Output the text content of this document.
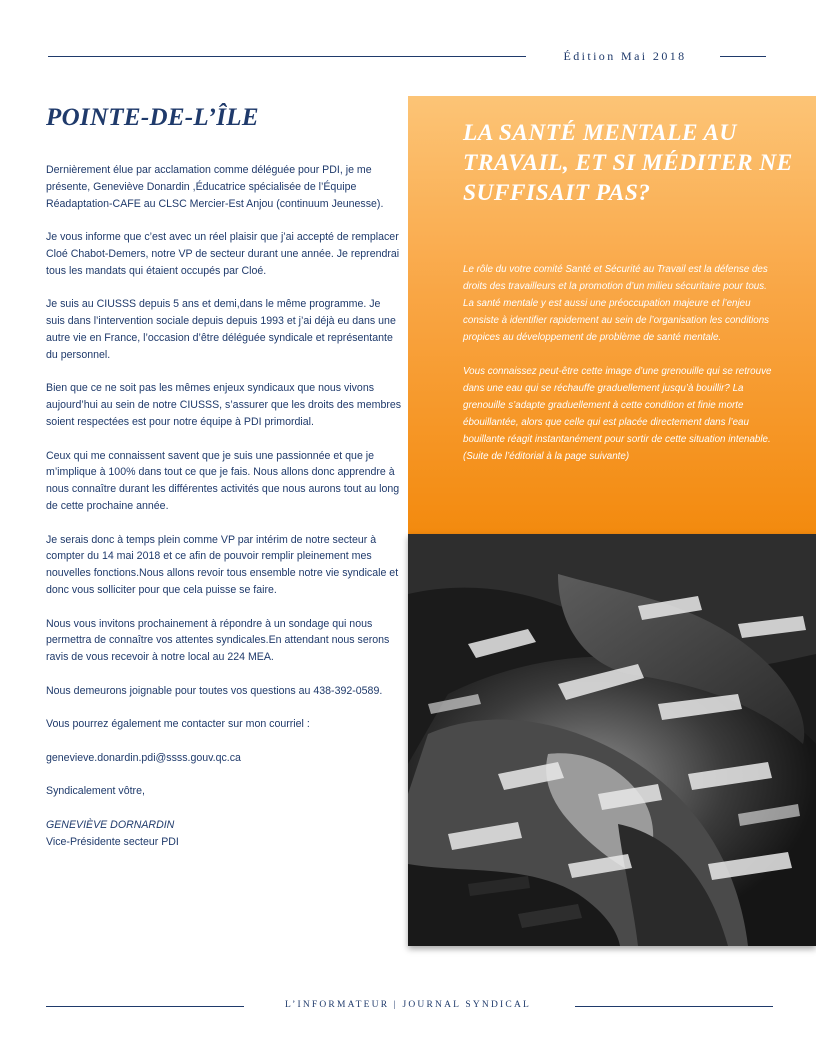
Édition Mai 2018
POINTE-DE-L’ÎLE

Dernièrement élue par acclamation comme déléguée pour PDI, je me présente, Geneviève Donardin ,Éducatrice spécialisée de l’Équipe Réadaptation-CAFE au CLSC Mercier-Est Anjou (continuum Jeunesse).

Je vous informe que c’est avec un réel plaisir que j’ai accepté de remplacer Cloé Chabot-Demers, notre VP de secteur durant une année. Je reprendrai tous les mandats qui étaient occupés par Cloé.

Je suis au CIUSSS depuis 5 ans et demi,dans le même programme. Je suis dans l’intervention sociale depuis depuis 1993 et j’ai déjà eu dans une autre vie en France, l’occasion d’être déléguée syndicale et représentante du personnel.

Bien que ce ne soit pas les mêmes enjeux syndicaux que nous vivons aujourd’hui au sein de notre CIUSSS, s’assurer que les droits des membres soient respectées est pour notre équipe à PDI primordial.

Ceux qui me connaissent savent que je suis une passionnée et que je m’implique à 100% dans tout ce que je fais. Nous allons donc apprendre à nous connaître durant les différentes activités que nous aurons tout au long de cette prochaine année.

Je serais donc à temps plein comme VP par intérim de notre secteur à compter du 14 mai 2018 et ce afin de pouvoir remplir pleinement mes nouvelles fonctions.Nous allons revoir tous ensemble notre vie syndicale et donc vous solliciter pour que cela puisse se faire.

Nous vous invitons prochainement à répondre à un sondage qui nous permettra de connaître vos attentes syndicales.En attendant nous serons ravis de vous recevoir à notre local au 224 MEA.

Nous demeurons joignable pour toutes vos questions au 438-392-0589.

Vous pourrez également me contacter sur mon courriel :

genevieve.donardin.pdi@ssss.gouv.qc.ca

Syndicalement vôtre,

GENEVIÈVE DORNARDIN

Vice-Présidente secteur PDI

LA SANTÉ MENTALE AU TRAVAIL, ET SI MÉDITER NE SUFFISAIT PAS?

Le rôle du votre comité Santé et Sécurité au Travail est la défense des droits des travailleurs et la promotion d’un milieu sécuritaire pour tous. La santé mentale y est aussi une préoccupation majeure et l’enjeu consiste à identifier rapidement au sein de l’organisation les conditions propices au développement de problème de santé mentale.

Vous connaissez peut-être cette image d’une grenouille qui se retrouve dans une eau qui se réchauffe graduellement jusqu’à bouillir? La grenouille s’adapte graduellement à cette condition et finie morte ébouillantée, alors que celle qui est placée directement dans l’eau bouillante réagit instantanément pour sortir de cette situation intenable. (Suite de l’éditorial à la page suivante)

L’INFORMATEUR | JOURNAL SYNDICAL
